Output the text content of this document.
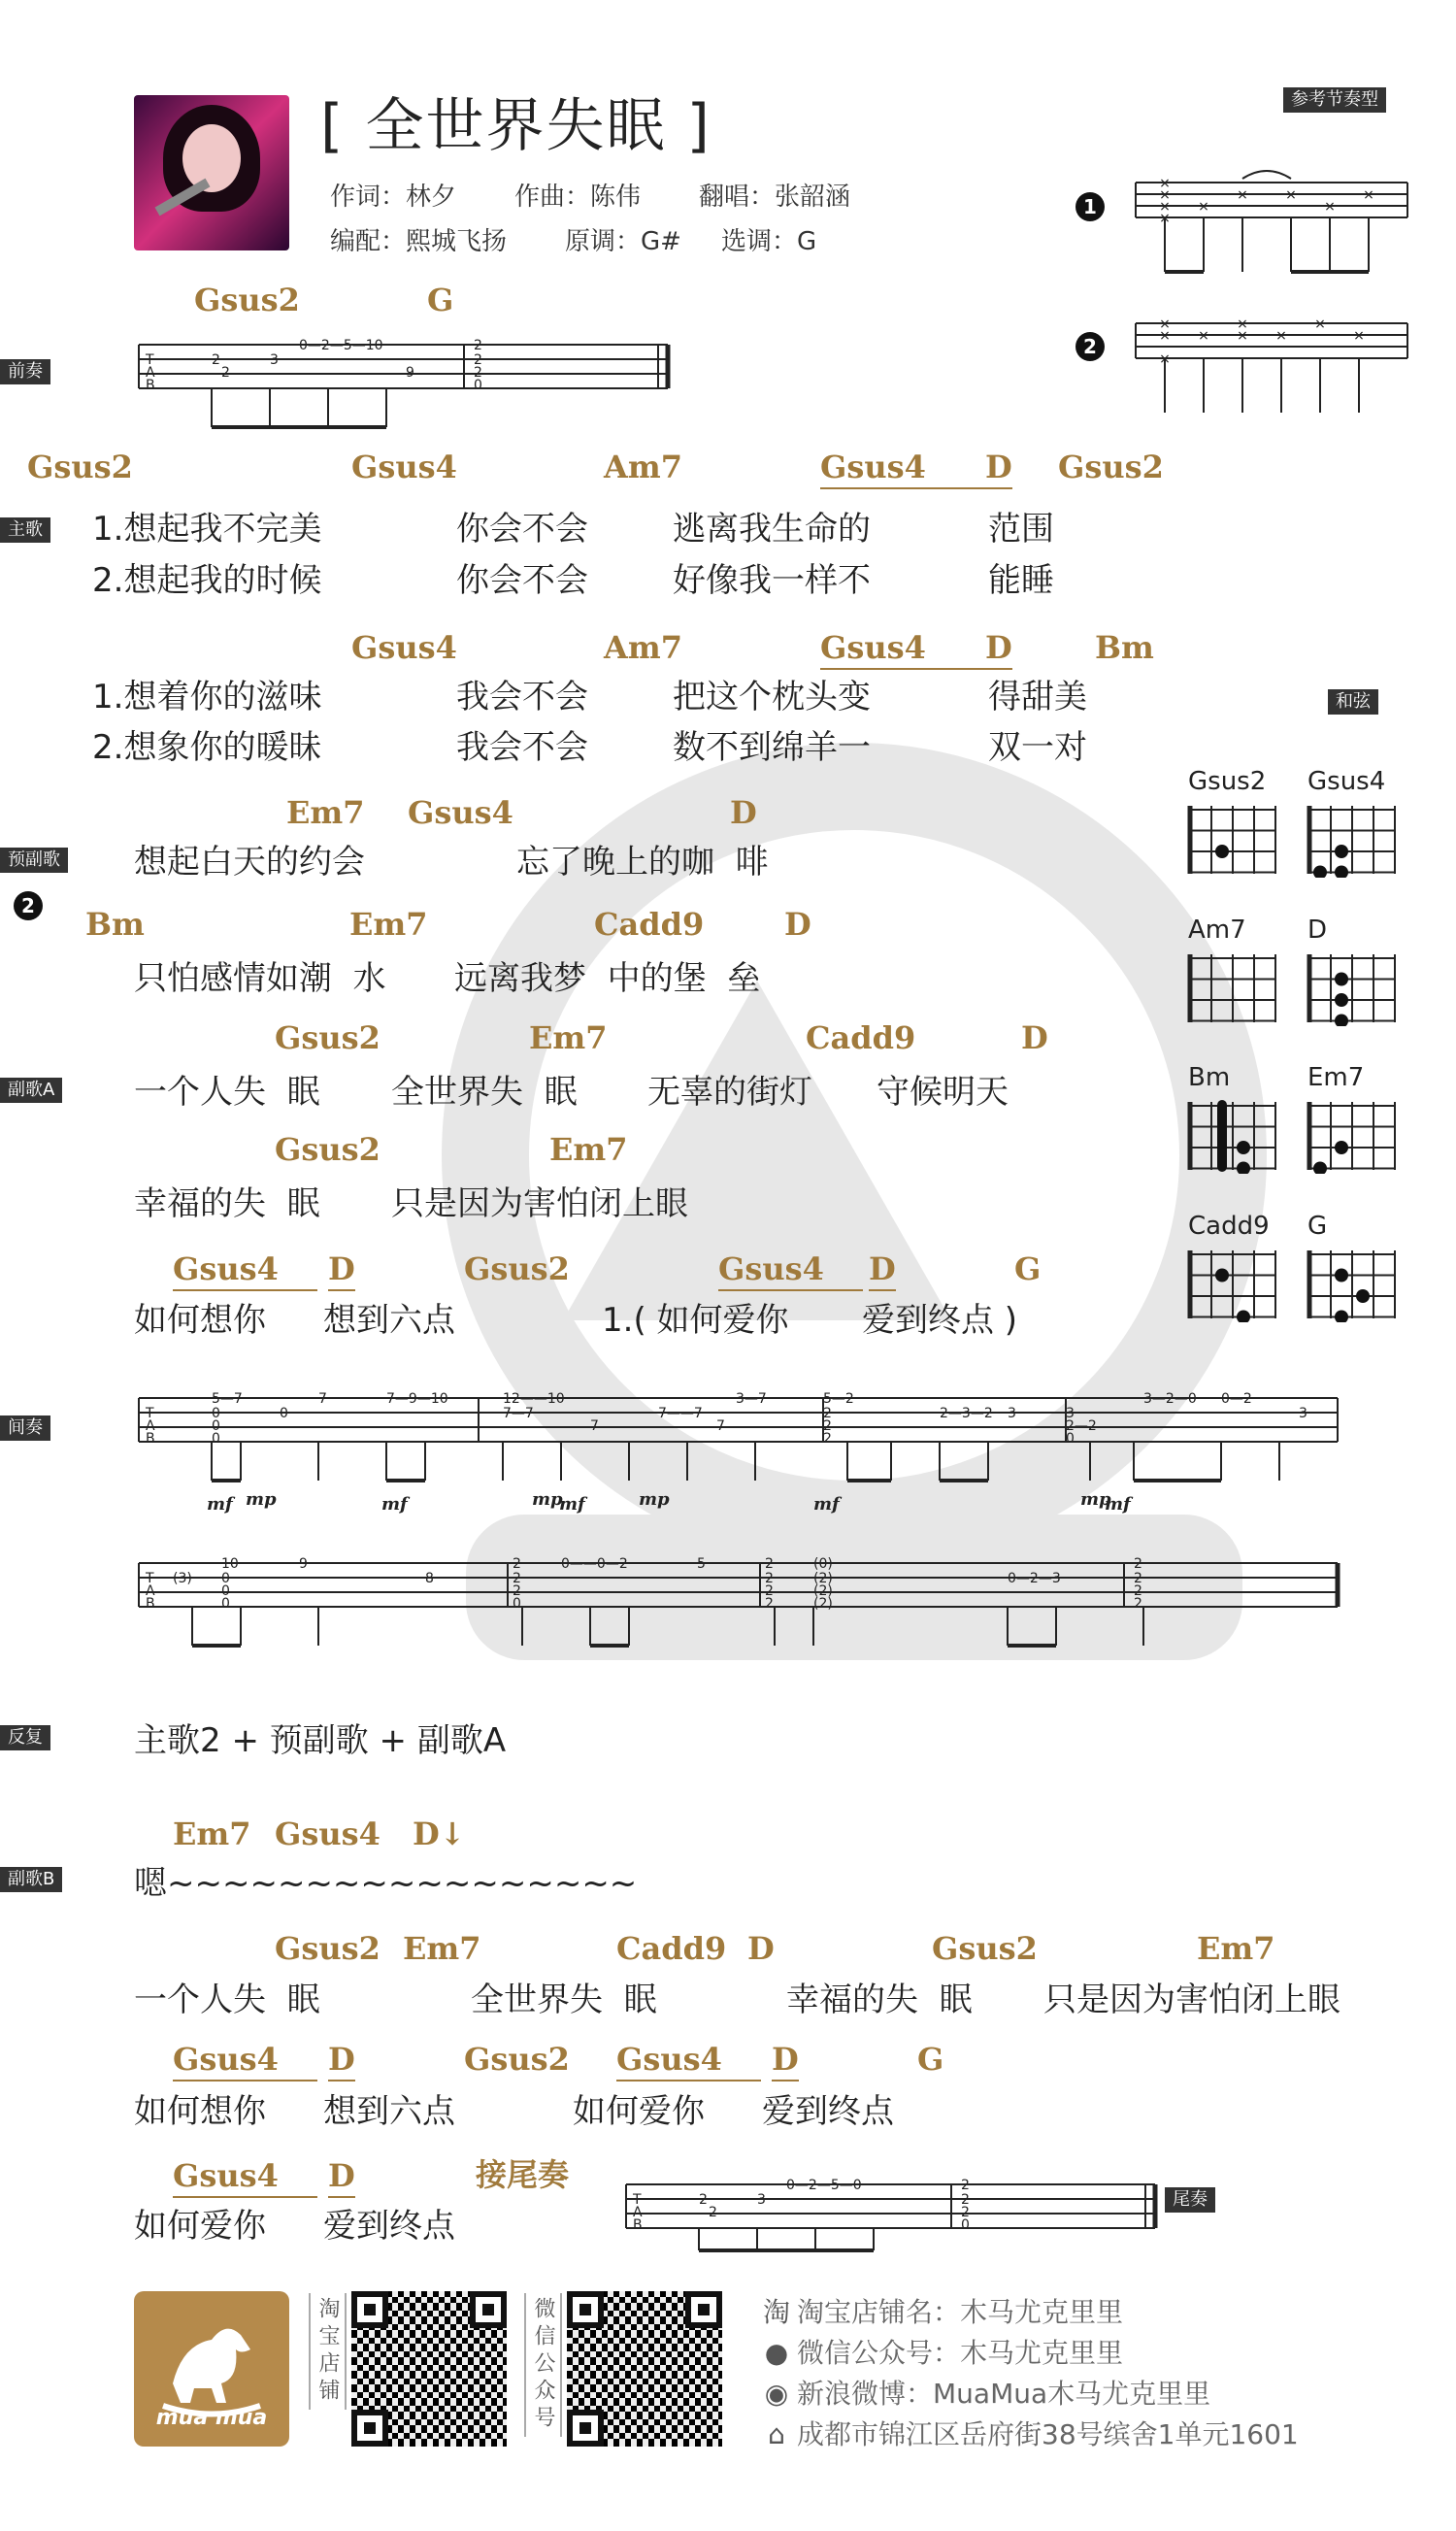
[ 全世界失眠 ]
作词：林夕 作曲：陈伟 翻唱：张韶涵
编配：熙城飞扬 原调：G# 选调：G
参考节奏型
1
2
×
×
×
×
×
×	×
×
×
×
×
×
×
×
× ×
×
×
前奏
Gsus2	G
T
A
B
2
2
3
0—2—5—10
9
2
2
2
0
主歌
Gsus2	Gsus4	Am7	Gsus4	D Gsus2
1.想起我不完美	你会不会	逃离我生命的	范围
2.想起我的时候	你会不会	好像我一样不	能睡
Gsus4	Am7	Gsus4	D	Bm
1.想着你的滋味	我会不会	把这个枕头变	得甜美
2.想象你的暖昧	我会不会	数不到绵羊一	双一对
和弦
预副歌
Em7 Gsus4	D
想起白天的约会	忘了晚上的咖  啡
2 Bm	Em7	Cadd9	D
只怕感情如潮  水 远离我梦  中的堡  垒
副歌A
Gsus2	Em7	Cadd9	D
一个人失  眠 全世界失  眠 无辜的街灯 守候明天
Gsus2	Em7
幸福的失  眠 只是因为害怕闭上眼
Gsus4	D	Gsus2	Gsus4	D	G
如何想你 想到六点	1.( 如何爱你 爱到终点 )
Gsus2 Gsus4
Am7 D
Bm	Em7
Cadd9 G
间奏
T
A
B
5—7
0
0
0
0
7	7—9—10	12——10
7—7
7
7——7
3—7
7
5—2
2
2
2
2—3—2 3	3
2—2
0
3—2—0 0—2
3
mf mp	mf	mp
mf	mp	mf	mp
mf
T
A
B
(3)
10
0
0
0
9
8
2
2
2
0
0——0—2	5	2
2
2
2
(0)
(2)
(2)
(2)
0—2—3
2
2
2
2
反复	主歌2 + 预副歌 + 副歌A
副歌B
Em7 Gsus4 D↓
嗯~~~~~~~~~~~~~~~~~
Gsus2 Em7	Cadd9 D	Gsus2	Em7
一个人失  眠	全世界失  眠	幸福的失  眠 只是因为害怕闭上眼
Gsus4	D	Gsus2 Gsus4	D	G
如何想你 想到六点	如何爱你 爱到终点
Gsus4	D	接尾奏
如何爱你 爱到终点
T
A
B
2
2
3
0—2—5—0	2
2
2
0
尾奏
mua mua
淘宝店铺	微信公众号	淘 淘宝店铺名：木马尤克里里
● 微信公众号：木马尤克里里
◉ 新浪微博：MuaMua木马尤克里里
⌂ 成都市锦江区岳府街38号缤舍1单元1601
